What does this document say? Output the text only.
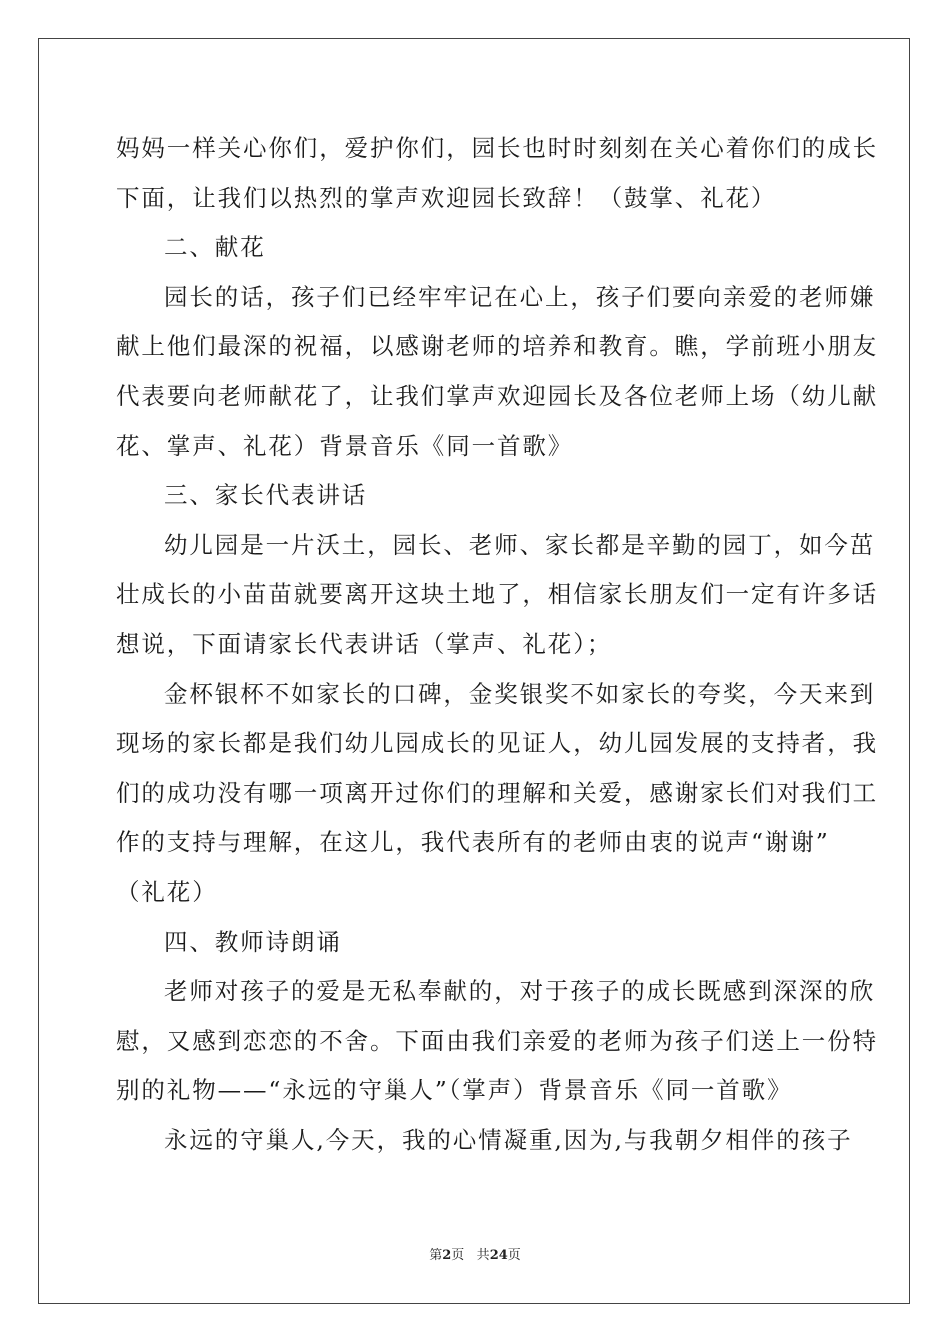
妈妈一样关心你们，爱护你们，园长也时时刻刻在关心着你们的成长
下面，让我们以热烈的掌声欢迎园长致辞！（鼓掌、礼花）
二、献花
园长的话，孩子们已经牢牢记在心上，孩子们要向亲爱的老师嫌
献上他们最深的祝福，以感谢老师的培养和教育。瞧，学前班小朋友
代表要向老师献花了，让我们掌声欢迎园长及各位老师上场（幼儿献
花、掌声、礼花）背景音乐《同一首歌》
三、家长代表讲话
幼儿园是一片沃土，园长、老师、家长都是辛勤的园丁，如今茁
壮成长的小苗苗就要离开这块土地了，相信家长朋友们一定有许多话
想说，下面请家长代表讲话（掌声、礼花）；
金杯银杯不如家长的口碑，金奖银奖不如家长的夸奖，今天来到
现场的家长都是我们幼儿园成长的见证人，幼儿园发展的支持者，我
们的成功没有哪一项离开过你们的理解和关爱，感谢家长们对我们工
作的支持与理解，在这儿，我代表所有的老师由衷的说声“谢谢”
（礼花）
四、教师诗朗诵
老师对孩子的爱是无私奉献的，对于孩子的成长既感到深深的欣
慰，又感到恋恋的不舍。下面由我们亲爱的老师为孩子们送上一份特
别的礼物——“永远的守巢人”（掌声）背景音乐《同一首歌》
永远的守巢人,今天，我的心情凝重,因为,与我朝夕相伴的孩子
第2页 共24页
